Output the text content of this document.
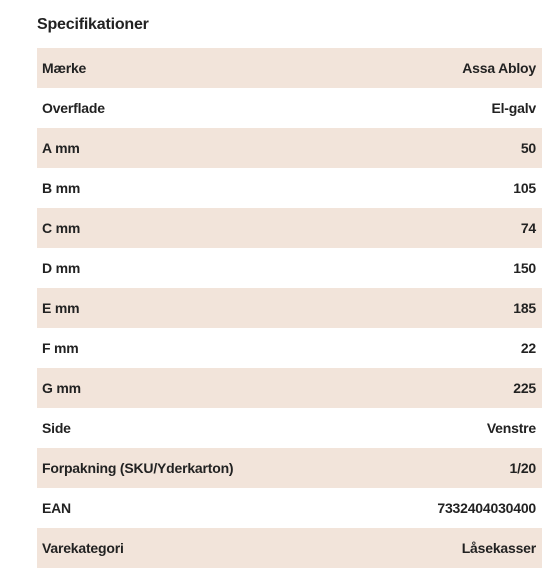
Specifikationer
Mærke	Assa Abloy
Overflade	El-galv
A mm	50
B mm	105
C mm	74
D mm	150
E mm	185
F mm	22
G mm	225
Side	Venstre
Forpakning (SKU/Yderkarton)	1/20
EAN	7332404030400
Varekategori	Låsekasser
